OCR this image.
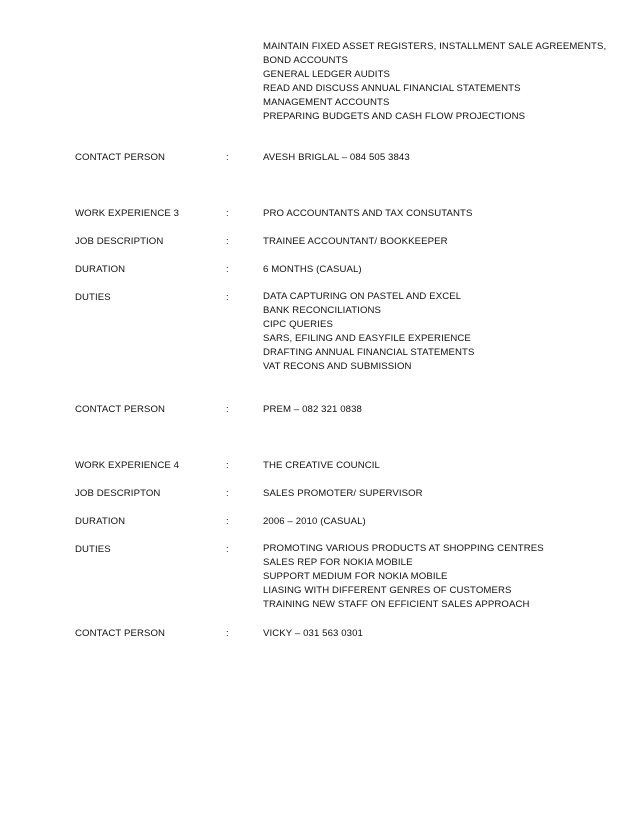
MAINTAIN FIXED ASSET REGISTERS, INSTALLMENT SALE AGREEMENTS,
BOND ACCOUNTS
GENERAL LEDGER AUDITS
READ AND DISCUSS ANNUAL FINANCIAL STATEMENTS
MANAGEMENT ACCOUNTS
PREPARING BUDGETS AND CASH FLOW PROJECTIONS
CONTACT PERSON	:	AVESH BRIGLAL – 084 505 3843
WORK EXPERIENCE 3	:	PRO ACCOUNTANTS AND TAX CONSUTANTS
JOB DESCRIPTION	:	TRAINEE ACCOUNTANT/ BOOKKEEPER
DURATION	:	6 MONTHS (CASUAL)
DUTIES	:	DATA CAPTURING ON PASTEL AND EXCEL
BANK RECONCILIATIONS
CIPC QUERIES
SARS, EFILING AND EASYFILE EXPERIENCE
DRAFTING ANNUAL FINANCIAL STATEMENTS
VAT RECONS AND SUBMISSION
CONTACT PERSON	:	PREM – 082 321 0838
WORK EXPERIENCE 4	:	THE CREATIVE COUNCIL
JOB DESCRIPTON	:	SALES PROMOTER/ SUPERVISOR
DURATION	:	2006 – 2010 (CASUAL)
DUTIES	:	PROMOTING VARIOUS PRODUCTS AT SHOPPING CENTRES
SALES REP FOR NOKIA MOBILE
SUPPORT MEDIUM FOR NOKIA MOBILE
LIASING WITH DIFFERENT GENRES OF CUSTOMERS
TRAINING NEW STAFF ON EFFICIENT SALES APPROACH
CONTACT PERSON	:	VICKY – 031 563 0301
